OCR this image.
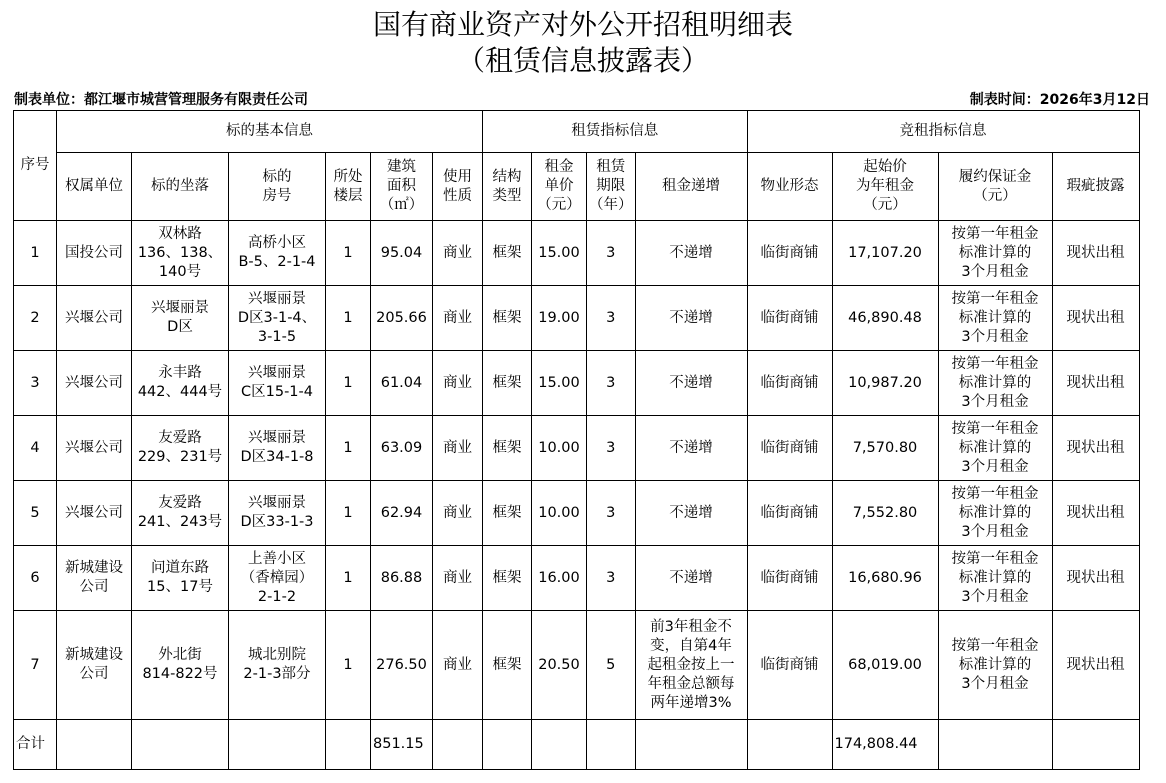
国有商业资产对外公开招租明细表
（租赁信息披露表）
制表单位：都江堰市城营管理服务有限责任公司	制表时间：2026年3月12日
序号	标的基本信息						租赁指标信息				竞租指标信息			
	权属单位	标的坐落	标的
房号	所处
楼层	建筑
面积
（㎡）	使用
性质	结构
类型	租金
单价
（元）	租赁
期限
（年）	租金递增	物业形态	起始价
为年租金
（元）	履约保证金
（元）	瑕疵披露
1	国投公司	双林路
136、138、
140号	高桥小区
B-5、2-1-4	1	95.04	商业	框架	15.00	3	不递增	临街商铺	17,107.20	按第一年租金
标准计算的
3个月租金	现状出租
2	兴堰公司	兴堰丽景
D区	兴堰丽景
D区3-1-4、
3-1-5	1	205.66	商业	框架	19.00	3	不递增	临街商铺	46,890.48	按第一年租金
标准计算的
3个月租金	现状出租
3	兴堰公司	永丰路
442、444号	兴堰丽景
C区15-1-4	1	61.04	商业	框架	15.00	3	不递增	临街商铺	10,987.20	按第一年租金
标准计算的
3个月租金	现状出租
4	兴堰公司	友爱路
229、231号	兴堰丽景
D区34-1-8	1	63.09	商业	框架	10.00	3	不递增	临街商铺	7,570.80	按第一年租金
标准计算的
3个月租金	现状出租
5	兴堰公司	友爱路
241、243号	兴堰丽景
D区33-1-3	1	62.94	商业	框架	10.00	3	不递增	临街商铺	7,552.80	按第一年租金
标准计算的
3个月租金	现状出租
6	新城建设
公司	问道东路
15、17号	上善小区
（香樟园）
2-1-2	1	86.88	商业	框架	16.00	3	不递增	临街商铺	16,680.96	按第一年租金
标准计算的
3个月租金	现状出租
7	新城建设
公司	外北街
814-822号	城北别院
2-1-3部分	1	276.50	商业	框架	20.50	5	前3年租金不
变，自第4年
起租金按上一
年租金总额每
两年递增3%	临街商铺	68,019.00	按第一年租金
标准计算的
3个月租金	现状出租
合计					851.15							174,808.44		
